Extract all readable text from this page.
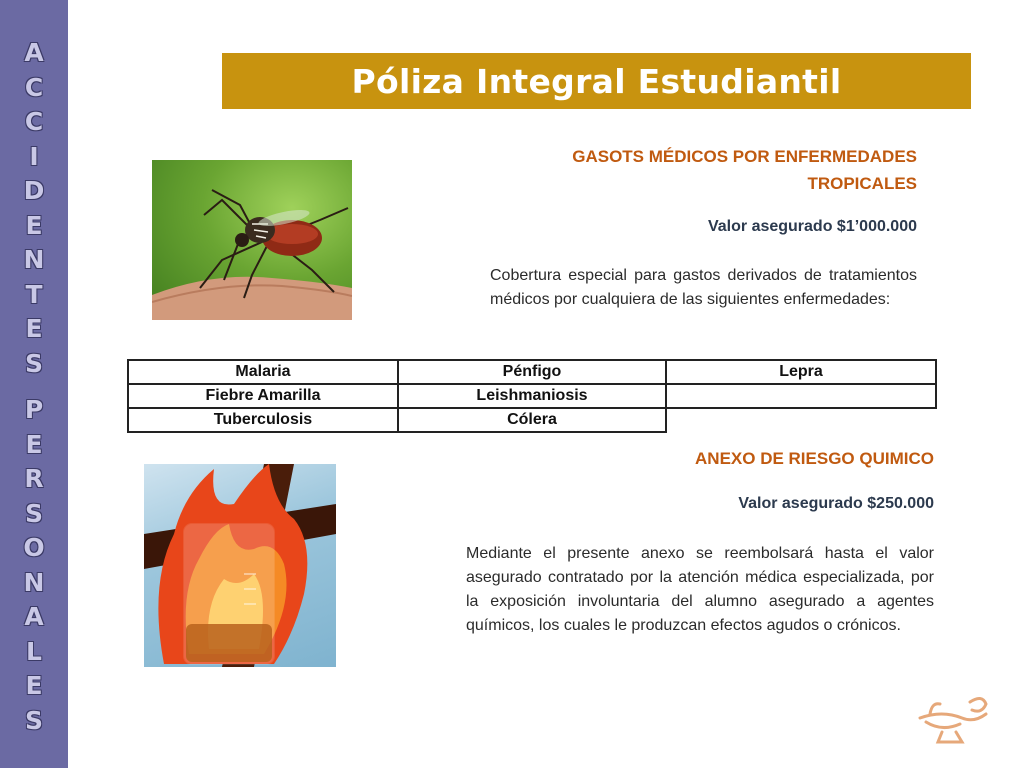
A
C
C
I
D
E
N
T
E
S
P
E
R
S
O
N
A
L
E
S
Póliza Integral Estudiantil
GASOTS MÉDICOS POR ENFERMEDADES
TROPICALES
Valor asegurado $1’000.000

Cobertura especial para gastos derivados de tratamientos médicos por cualquiera de las siguientes enfermedades:

Malaria	Pénfigo	Lepra
Fiebre Amarilla	Leishmaniosis	
Tuberculosis	Cólera	
ANEXO DE RIESGO QUIMICO
Valor asegurado $250.000

Mediante el presente anexo se reembolsará hasta el valor asegurado contratado por la atención médica especializada, por la exposición involuntaria del alumno asegurado a agentes químicos, los cuales le produzcan efectos agudos o crónicos.
